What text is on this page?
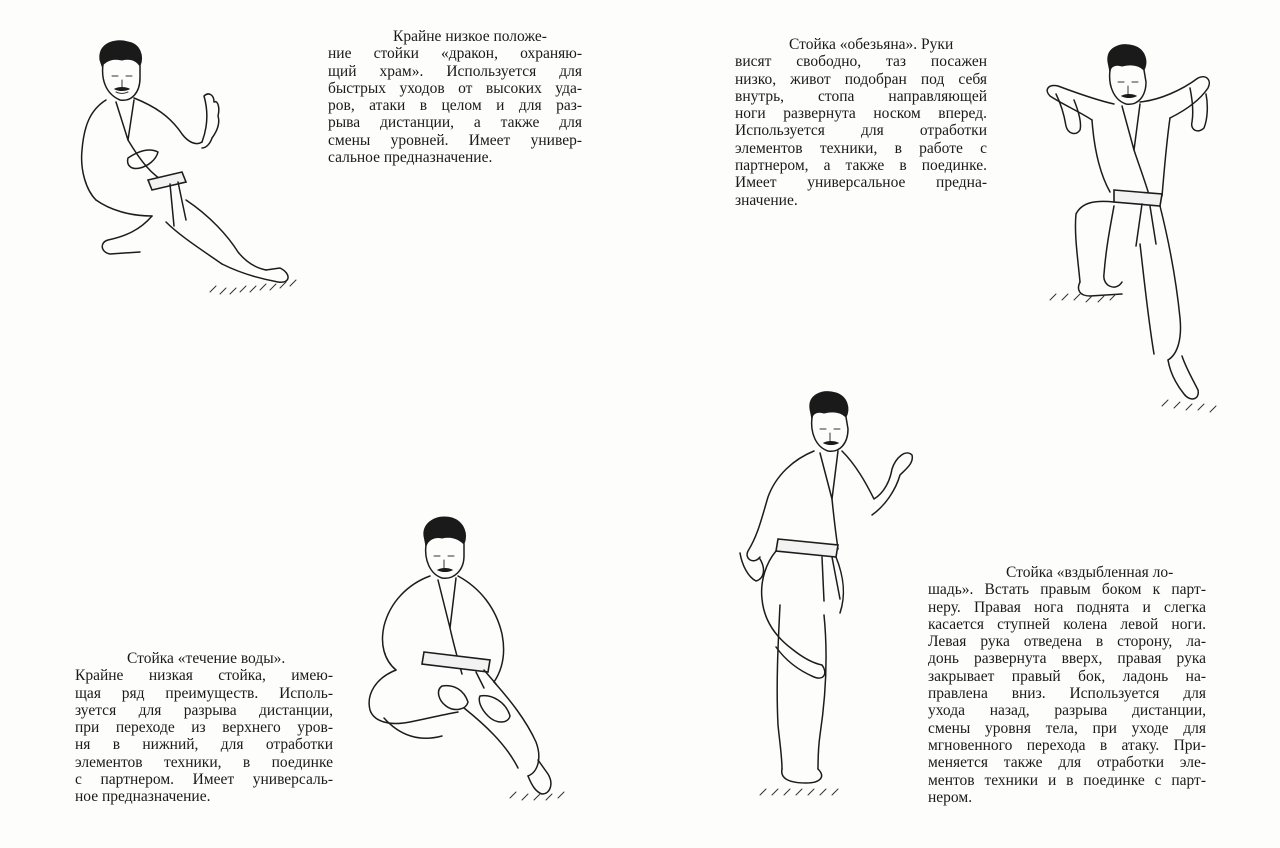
Крайне низкое положе-
ние стойки «дракон, охраняю-
щий храм». Используется для
быстрых уходов от высоких уда-
ров, атаки в целом и для раз-
рыва дистанции, а также для
смены уровней. Имеет универ-
сальное предназначение.
Стойка «обезьяна». Руки
висят свободно, таз посажен
низко, живот подобран под себя
внутрь, стопа направляющей
ноги развернута носком вперед.
Используется для отработки
элементов техники, в работе с
партнером, а также в поединке.
Имеет универсальное предна-
значение.
Стойка «течение воды».
Крайне низкая стойка, имею-
щая ряд преимуществ. Исполь-
зуется для разрыва дистанции,
при переходе из верхнего уров-
ня в нижний, для отработки
элементов техники, в поединке
с партнером. Имеет универсаль-
ное предназначение.
Стойка «вздыбленная ло-
шадь». Встать правым боком к парт-
неру. Правая нога поднята и слегка
касается ступней колена левой ноги.
Левая рука отведена в сторону, ла-
донь развернута вверх, правая рука
закрывает правый бок, ладонь на-
правлена вниз. Используется для
ухода назад, разрыва дистанции,
смены уровня тела, при уходе для
мгновенного перехода в атаку. При-
меняется также для отработки эле-
ментов техники и в поединке с парт-
нером.
